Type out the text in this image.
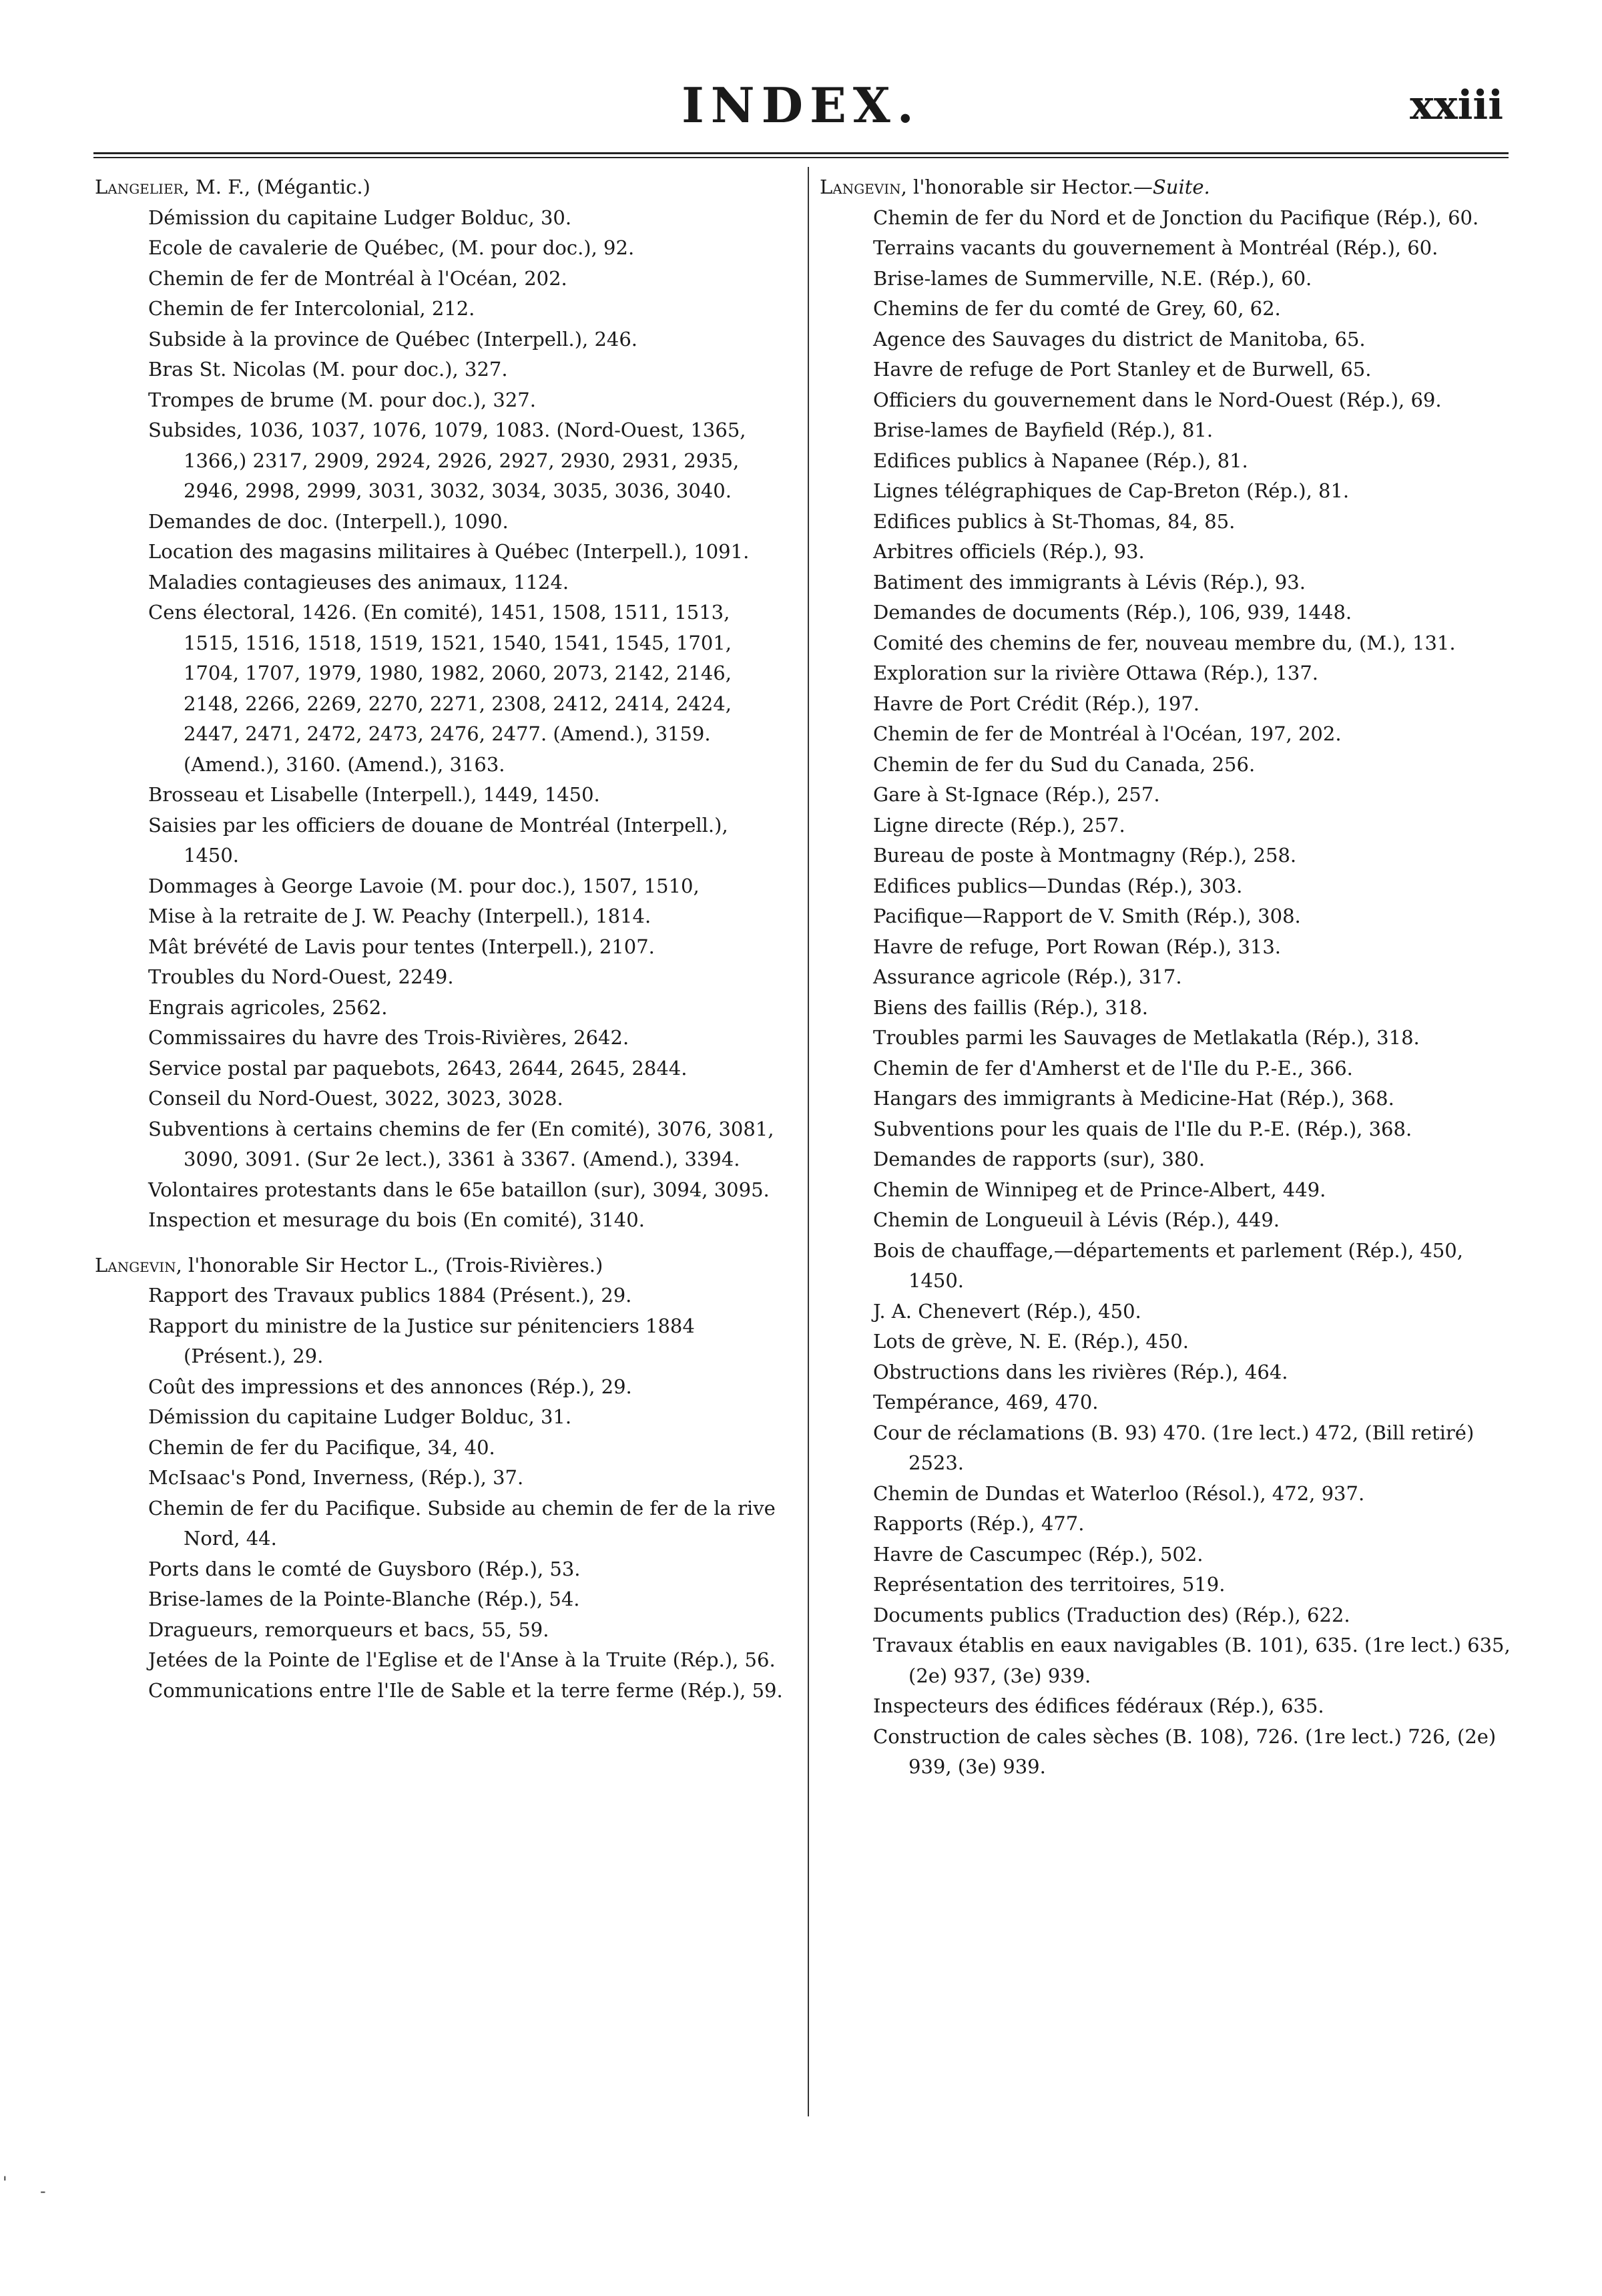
INDEX.	xxiii

Langelier, M. F., (Mégantic.)

Démission du capitaine Ludger Bolduc, 30.
Ecole de cavalerie de Québec, (M. pour doc.), 92.
Chemin de fer de Montréal à l'Océan, 202.
Chemin de fer Intercolonial, 212.
Subside à la province de Québec (Interpell.), 246.
Bras St. Nicolas (M. pour doc.), 327.
Trompes de brume (M. pour doc.), 327.
Subsides, 1036, 1037, 1076, 1079, 1083. (Nord-Ouest, 1365, 1366,) 2317, 2909, 2924, 2926, 2927, 2930, 2931, 2935, 2946, 2998, 2999, 3031, 3032, 3034, 3035, 3036, 3040.
Demandes de doc. (Interpell.), 1090.
Location des magasins militaires à Québec (Interpell.), 1091.
Maladies contagieuses des animaux, 1124.
Cens électoral, 1426. (En comité), 1451, 1508, 1511, 1513, 1515, 1516, 1518, 1519, 1521, 1540, 1541, 1545, 1701, 1704, 1707, 1979, 1980, 1982, 2060, 2073, 2142, 2146, 2148, 2266, 2269, 2270, 2271, 2308, 2412, 2414, 2424, 2447, 2471, 2472, 2473, 2476, 2477. (Amend.), 3159. (Amend.), 3160. (Amend.), 3163.
Brosseau et Lisabelle (Interpell.), 1449, 1450.
Saisies par les officiers de douane de Montréal (Interpell.), 1450.
Dommages à George Lavoie (M. pour doc.), 1507, 1510,
Mise à la retraite de J. W. Peachy (Interpell.), 1814.
Mât brévété de Lavis pour tentes (Interpell.), 2107.
Troubles du Nord-Ouest, 2249.
Engrais agricoles, 2562.
Commissaires du havre des Trois-Rivières, 2642.
Service postal par paquebots, 2643, 2644, 2645, 2844.
Conseil du Nord-Ouest, 3022, 3023, 3028.
Subventions à certains chemins de fer (En comité), 3076, 3081, 3090, 3091. (Sur 2e lect.), 3361 à 3367. (Amend.), 3394.
Volontaires protestants dans le 65e bataillon (sur), 3094, 3095.
Inspection et mesurage du bois (En comité), 3140.

Langevin, l'honorable Sir Hector L., (Trois-Rivières.)

Rapport des Travaux publics 1884 (Présent.), 29.
Rapport du ministre de la Justice sur pénitenciers 1884 (Présent.), 29.
Coût des impressions et des annonces (Rép.), 29.
Démission du capitaine Ludger Bolduc, 31.
Chemin de fer du Pacifique, 34, 40.
McIsaac's Pond, Inverness, (Rép.), 37.
Chemin de fer du Pacifique. Subside au chemin de fer de la rive Nord, 44.
Ports dans le comté de Guysboro (Rép.), 53.
Brise-lames de la Pointe-Blanche (Rép.), 54.
Dragueurs, remorqueurs et bacs, 55, 59.
Jetées de la Pointe de l'Eglise et de l'Anse à la Truite (Rép.), 56.
Communications entre l'Ile de Sable et la terre ferme (Rép.), 59.

Langevin, l'honorable sir Hector.—Suite.

Chemin de fer du Nord et de Jonction du Pacifique (Rép.), 60.
Terrains vacants du gouvernement à Montréal (Rép.), 60.
Brise-lames de Summerville, N.E. (Rép.), 60.
Chemins de fer du comté de Grey, 60, 62.
Agence des Sauvages du district de Manitoba, 65.
Havre de refuge de Port Stanley et de Burwell, 65.
Officiers du gouvernement dans le Nord-Ouest (Rép.), 69.
Brise-lames de Bayfield (Rép.), 81.
Edifices publics à Napanee (Rép.), 81.
Lignes télégraphiques de Cap-Breton (Rép.), 81.
Edifices publics à St-Thomas, 84, 85.
Arbitres officiels (Rép.), 93.
Batiment des immigrants à Lévis (Rép.), 93.
Demandes de documents (Rép.), 106, 939, 1448.
Comité des chemins de fer, nouveau membre du, (M.), 131.
Exploration sur la rivière Ottawa (Rép.), 137.
Havre de Port Crédit (Rép.), 197.
Chemin de fer de Montréal à l'Océan, 197, 202.
Chemin de fer du Sud du Canada, 256.
Gare à St-Ignace (Rép.), 257.
Ligne directe (Rép.), 257.
Bureau de poste à Montmagny (Rép.), 258.
Edifices publics—Dundas (Rép.), 303.
Pacifique—Rapport de V. Smith (Rép.), 308.
Havre de refuge, Port Rowan (Rép.), 313.
Assurance agricole (Rép.), 317.
Biens des faillis (Rép.), 318.
Troubles parmi les Sauvages de Metlakatla (Rép.), 318.
Chemin de fer d'Amherst et de l'Ile du P.-E., 366.
Hangars des immigrants à Medicine-Hat (Rép.), 368.
Subventions pour les quais de l'Ile du P.-E. (Rép.), 368.
Demandes de rapports (sur), 380.
Chemin de Winnipeg et de Prince-Albert, 449.
Chemin de Longueuil à Lévis (Rép.), 449.
Bois de chauffage,—départements et parlement (Rép.), 450, 1450.
J. A. Chenevert (Rép.), 450.
Lots de grève, N. E. (Rép.), 450.
Obstructions dans les rivières (Rép.), 464.
Tempérance, 469, 470.
Cour de réclamations (B. 93) 470. (1re lect.) 472, (Bill retiré) 2523.
Chemin de Dundas et Waterloo (Résol.), 472, 937.
Rapports (Rép.), 477.
Havre de Cascumpec (Rép.), 502.
Représentation des territoires, 519.
Documents publics (Traduction des) (Rép.), 622.
Travaux établis en eaux navigables (B. 101), 635. (1re lect.) 635, (2e) 937, (3e) 939.
Inspecteurs des édifices fédéraux (Rép.), 635.
Construction de cales sèches (B. 108), 726. (1re lect.) 726, (2e) 939, (3e) 939.
' -
